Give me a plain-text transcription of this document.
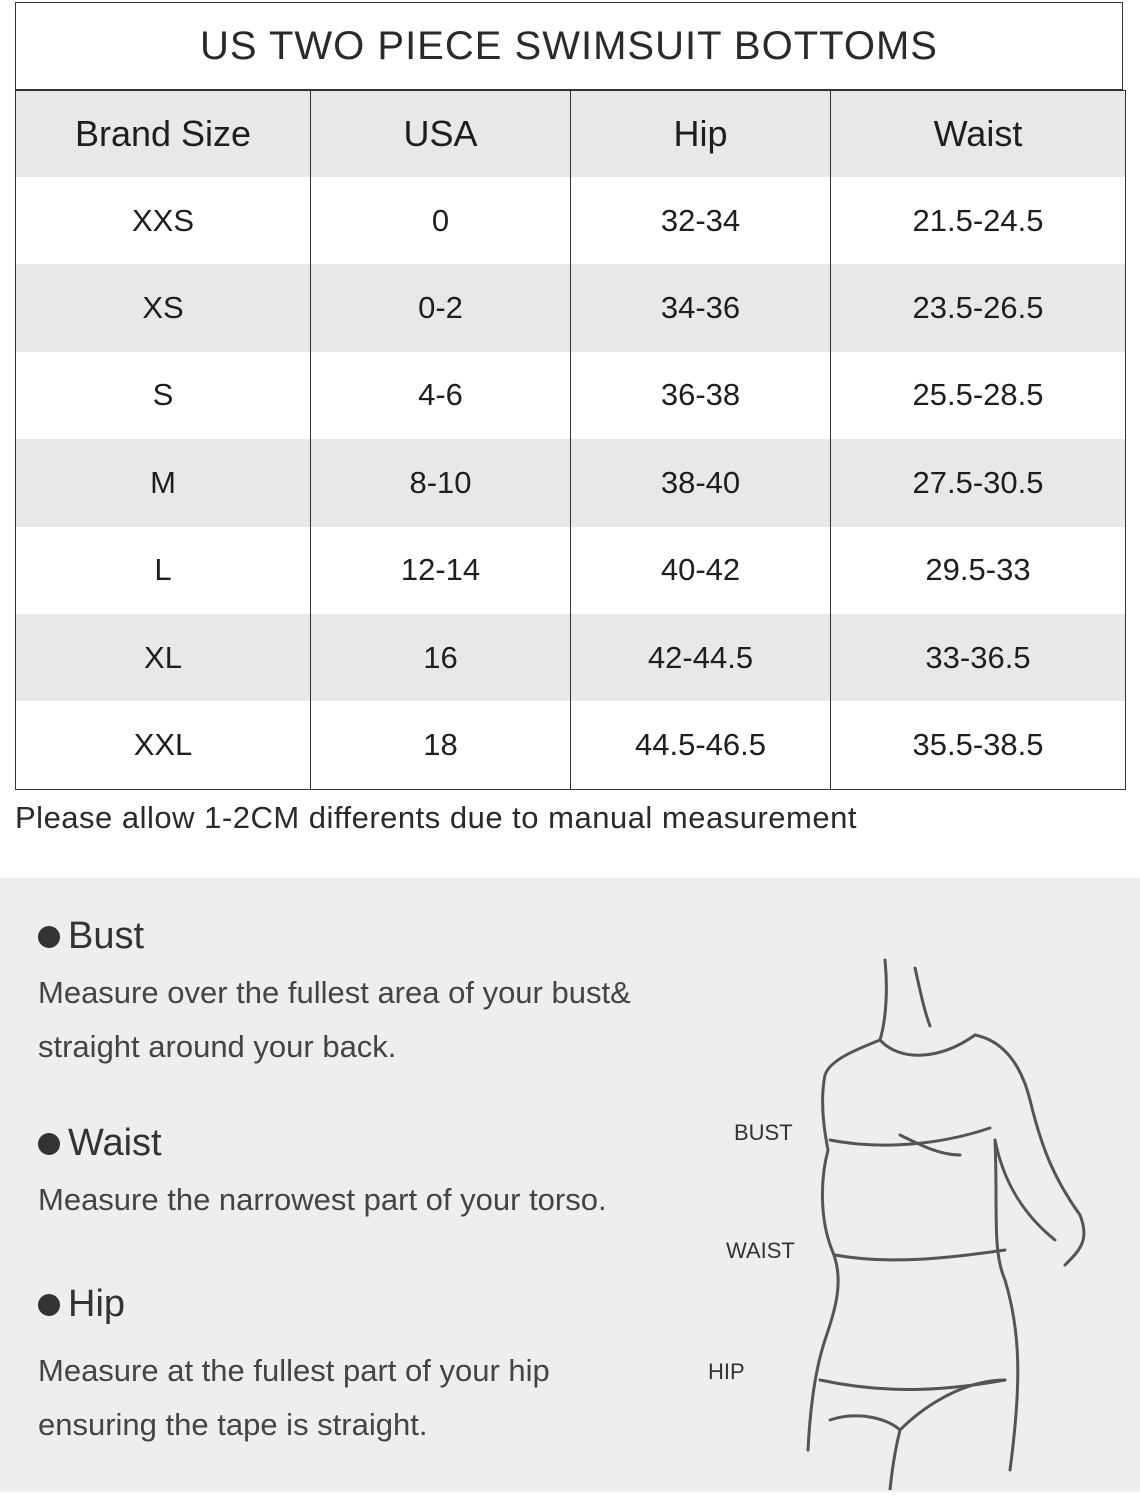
US TWO PIECE SWIMSUIT BOTTOMS
Brand Size	USA	Hip	Waist
XXS	0	32-34	21.5-24.5
XS	0-2	34-36	23.5-26.5
S	4-6	36-38	25.5-28.5
M	8-10	38-40	27.5-30.5
L	12-14	40-42	29.5-33
XL	16	42-44.5	33-36.5
XXL	18	44.5-46.5	35.5-38.5
Please allow 1-2CM differents due to manual measurement
Bust
Measure over the fullest area of your bust&
straight around your back.
Waist
Measure the narrowest part of your torso.
Hip
Measure at the fullest part of your hip
ensuring the tape is straight.
BUST
WAIST
HIP
